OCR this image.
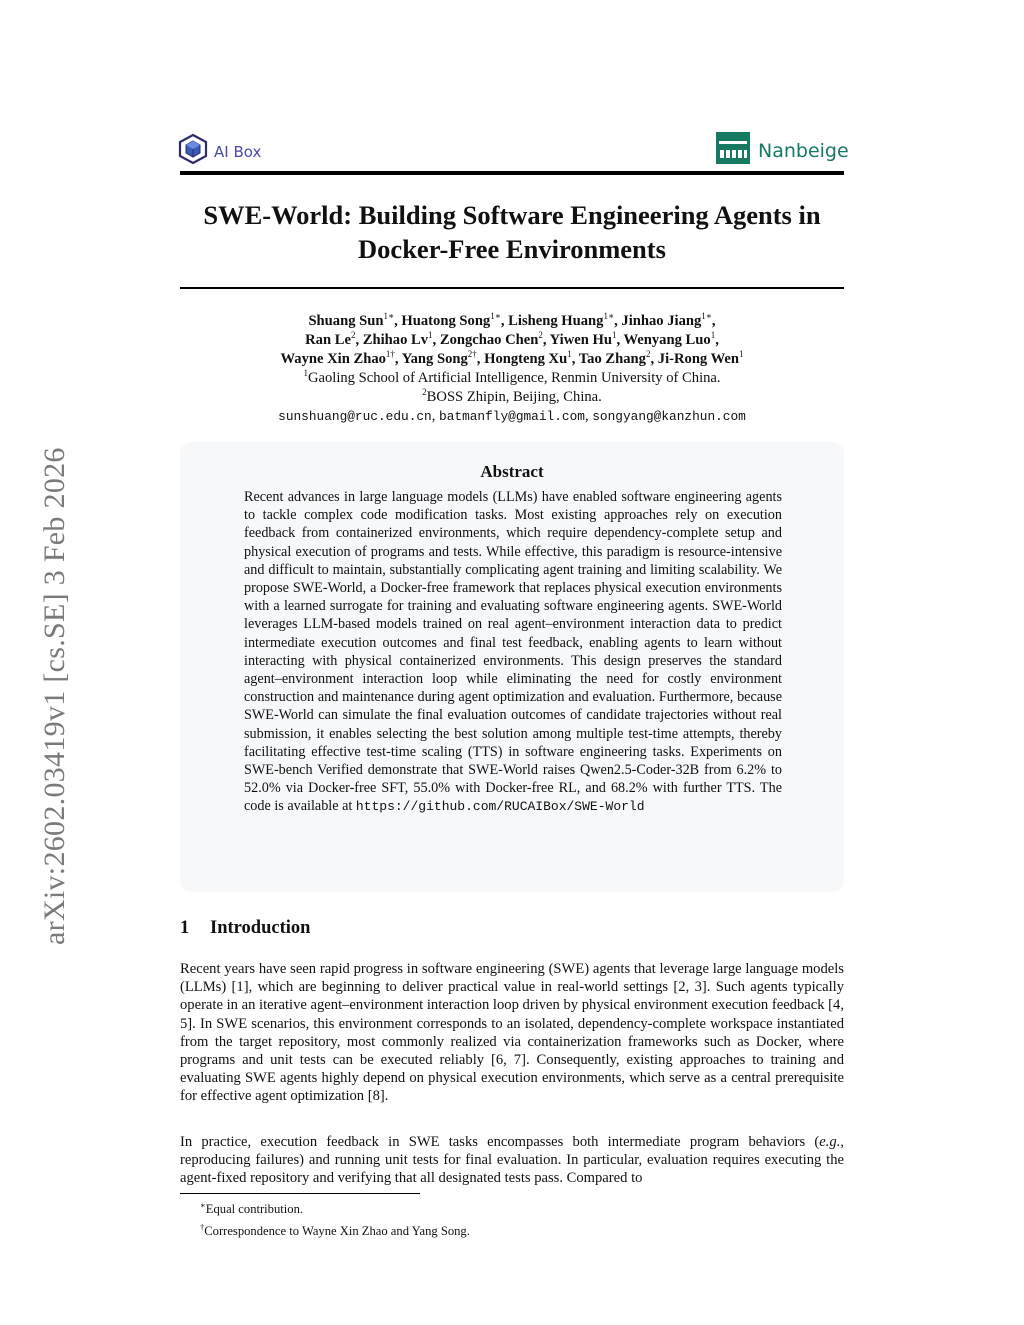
AI Box	Nanbeige
SWE-World: Building Software Engineering Agents in
Docker-Free Environments
Shuang Sun$^{1∗}$, Huatong Song$^{1∗}$, Lisheng Huang$^{1∗}$, Jinhao Jiang$^{1∗}$,
Ran Le$^2$, Zhihao Lv$^1$, Zongchao Chen$^2$, Yiwen Hu$^1$, Wenyang Luo$^1$,
Wayne Xin Zhao$^{1\dagger}$, Yang Song$^{2\dagger}$, Hongteng Xu$^1$, Tao Zhang$^2$, Ji-Rong Wen$^1$
$^1$Gaoling School of Artificial Intelligence, Renmin University of China.
$^2$BOSS Zhipin, Beijing, China.
sunshuang@ruc.edu.cn, batmanfly@gmail.com, songyang@kanzhun.com
Abstract
Recent advances in large language models (LLMs) have enabled software engineering agents to tackle complex code modification tasks. Most existing approaches rely on execution feedback from containerized environments, which require dependency-complete setup and physical execution of programs and tests. While effective, this paradigm is resource-intensive and difficult to maintain, substantially complicating agent training and limiting scalability. We propose SWE-World, a Docker-free framework that replaces physical execution environments with a learned surrogate for training and evaluating software engineering agents. SWE-World leverages LLM-based models trained on real agent–environment interaction data to predict intermediate execution outcomes and final test feedback, enabling agents to learn without interacting with physical containerized environments. This design preserves the standard agent–environment interaction loop while eliminating the need for costly environment construction and maintenance during agent optimization and evaluation. Furthermore, because SWE-World can simulate the final evaluation outcomes of candidate trajectories without real submission, it enables selecting the best solution among multiple test-time attempts, thereby facilitating effective test-time scaling (TTS) in software engineering tasks. Experiments on SWE-bench Verified demonstrate that SWE-World raises Qwen2.5-Coder-32B from 6.2% to 52.0% via Docker-free SFT, 55.0% with Docker-free RL, and 68.2% with further TTS. The code is available at https://github.com/RUCAIBox/SWE-World
arXiv:2602.03419v1 [cs.SE] 3 Feb 2026	1 Introduction
Recent years have seen rapid progress in software engineering (SWE) agents that leverage large language models (LLMs) [1], which are beginning to deliver practical value in real-world settings [2, 3]. Such agents typically operate in an iterative agent–environment interaction loop driven by physical environment execution feedback [4, 5]. In SWE scenarios, this environment corresponds to an isolated, dependency-complete workspace instantiated from the target repository, most commonly realized via containerization frameworks such as Docker, where programs and unit tests can be executed reliably [6, 7]. Consequently, existing approaches to training and evaluating SWE agents highly depend on physical execution environments, which serve as a central prerequisite for effective agent optimization [8].
In practice, execution feedback in SWE tasks encompasses both intermediate program behaviors (e.g., reproducing failures) and running unit tests for final evaluation. In particular, evaluation requires executing the agent-fixed repository and verifying that all designated tests pass. Compared to
∗Equal contribution.
†Correspondence to Wayne Xin Zhao and Yang Song.
